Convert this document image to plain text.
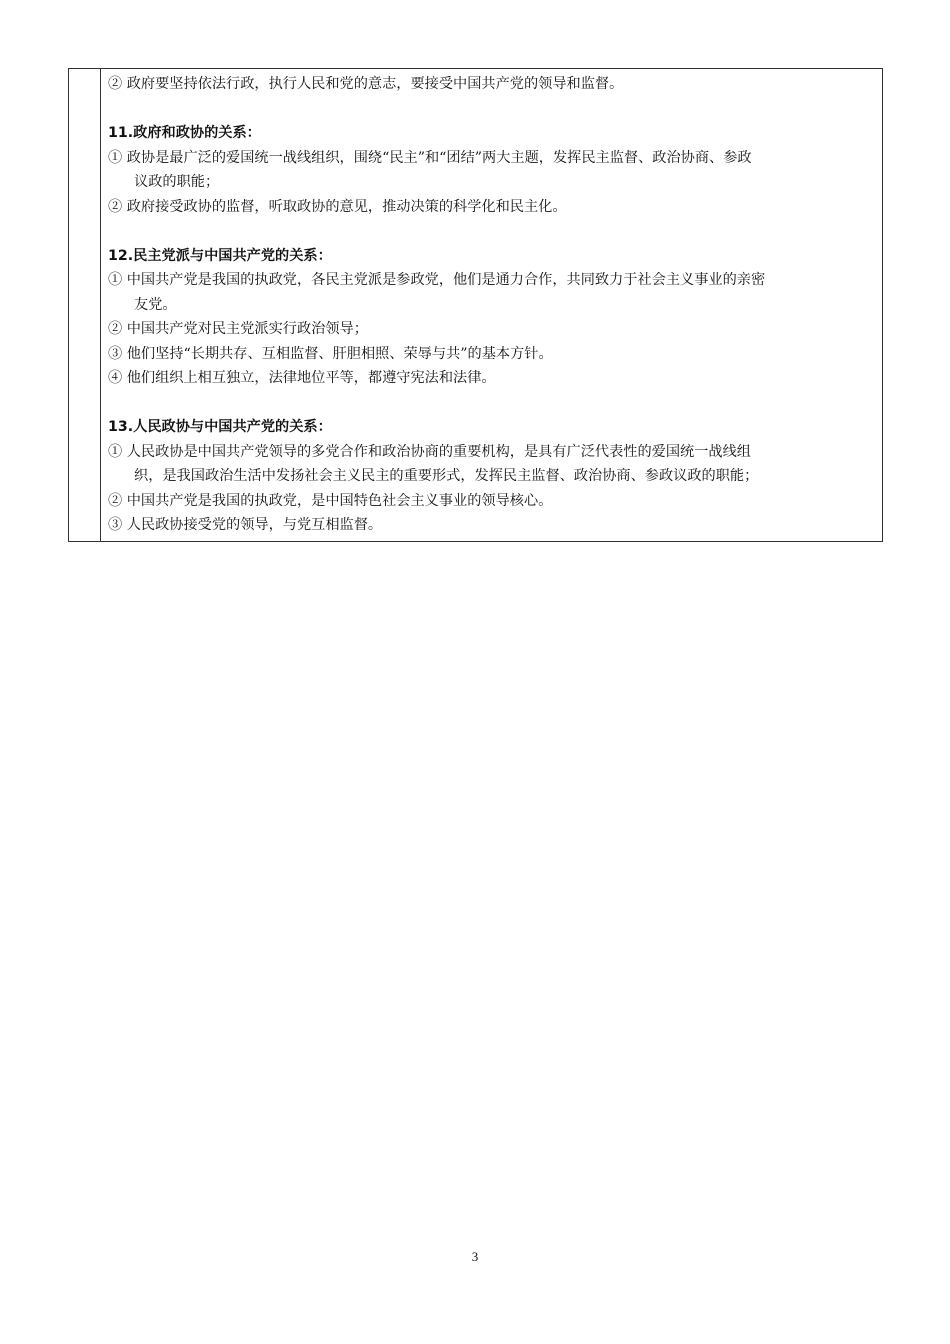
② 政府要坚持依法行政，执行人民和党的意志，要接受中国共产党的领导和监督。
11.政府和政协的关系：
① 政协是最广泛的爱国统一战线组织，围绕“民主”和“团结”两大主题，发挥民主监督、政治协商、参政
议政的职能；
② 政府接受政协的监督，听取政协的意见，推动决策的科学化和民主化。
12.民主党派与中国共产党的关系：
① 中国共产党是我国的执政党，各民主党派是参政党，他们是通力合作，共同致力于社会主义事业的亲密
友党。
② 中国共产党对民主党派实行政治领导；
③ 他们坚持“长期共存、互相监督、肝胆相照、荣辱与共”的基本方针。
④ 他们组织上相互独立，法律地位平等，都遵守宪法和法律。
13.人民政协与中国共产党的关系：
① 人民政协是中国共产党领导的多党合作和政治协商的重要机构，是具有广泛代表性的爱国统一战线组
织，是我国政治生活中发扬社会主义民主的重要形式，发挥民主监督、政治协商、参政议政的职能；
② 中国共产党是我国的执政党，是中国特色社会主义事业的领导核心。
③ 人民政协接受党的领导，与党互相监督。
3
